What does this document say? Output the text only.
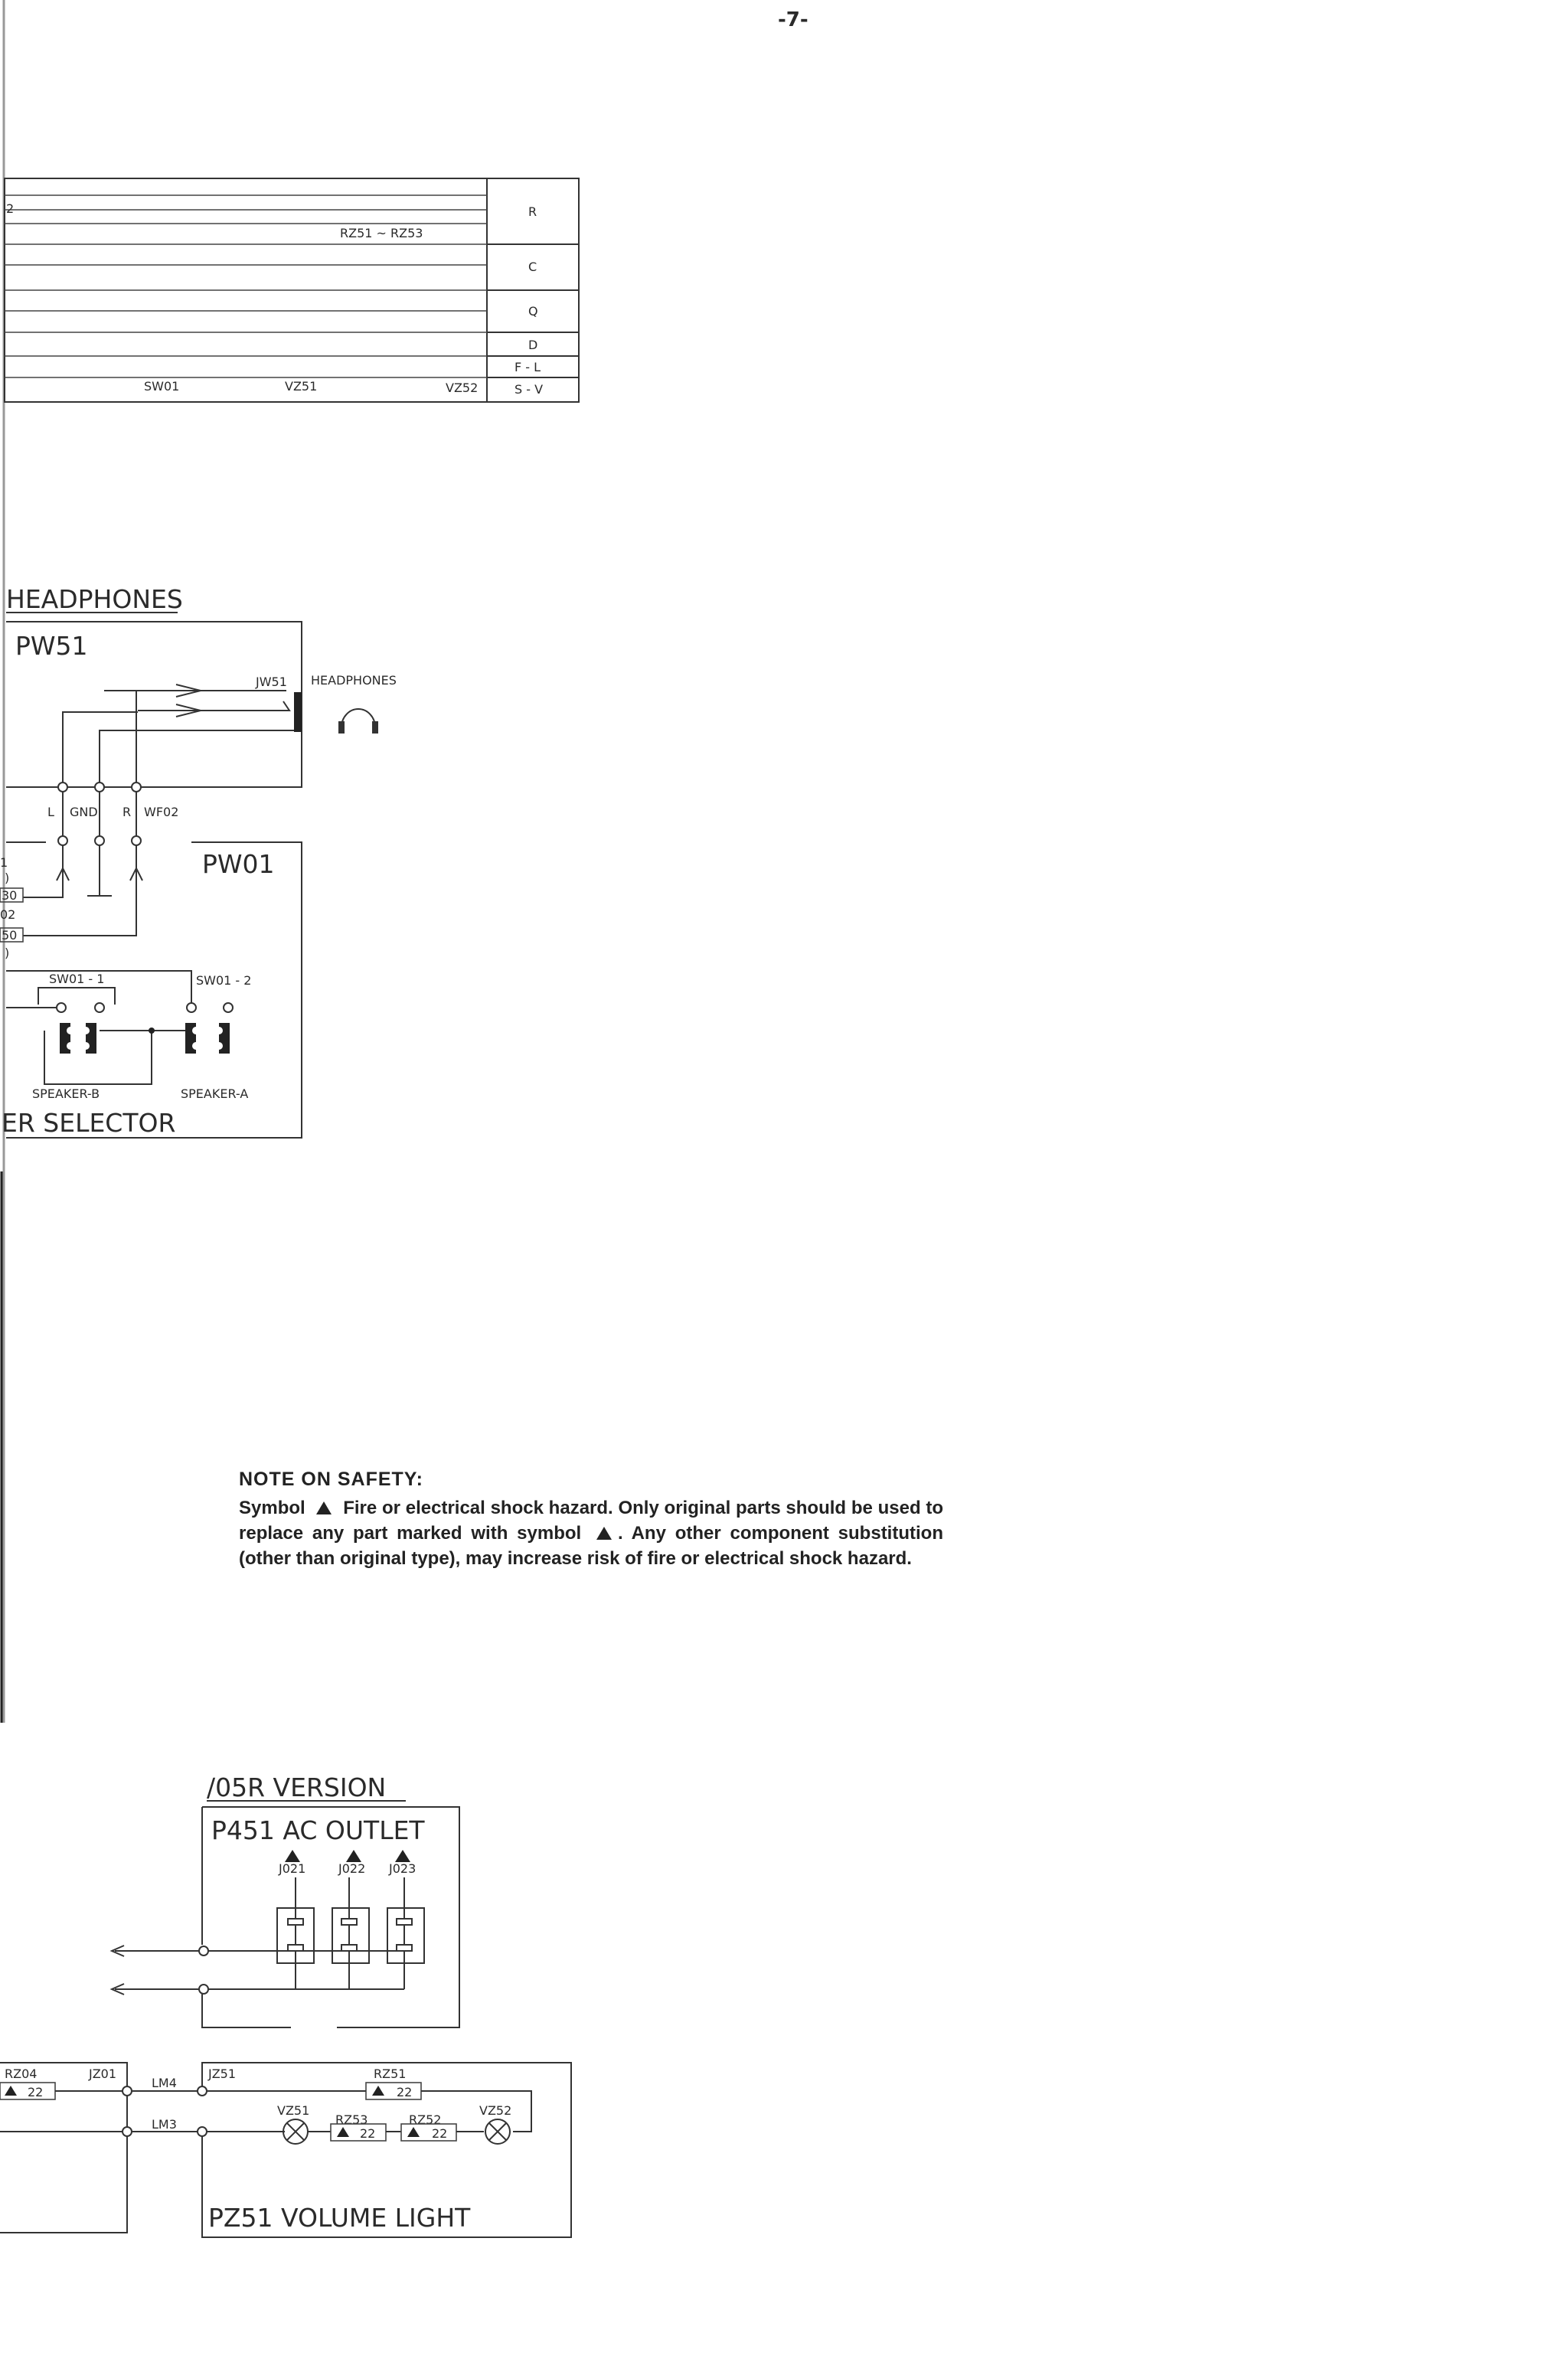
-7-
R
C
Q
D
F - L
S - V
2
RZ51 ~ RZ53
SW01	VZ51	VZ52
HEADPHONES
PW51
JW51 HEADPHONES
L GND R WF02
PW01
1
)
30
02
50
)
SW01 - 1	SW01 - 2
SPEAKER-B	SPEAKER-A
ER SELECTOR
/05R VERSION
P451 AC OUTLET
J021	J022 J023
RZ04	JZ01
22
LM4
LM3
JZ51	RZ51
22
VZ51
RZ53
22
RZ52
22
VZ52
PZ51 VOLUME LIGHT
NOTE ON SAFETY:
Symbol Fire or electrical shock hazard. Only original parts should be used to replace any part marked with symbol . Any other component substitution (other than original type), may increase risk of fire or electrical shock hazard.
